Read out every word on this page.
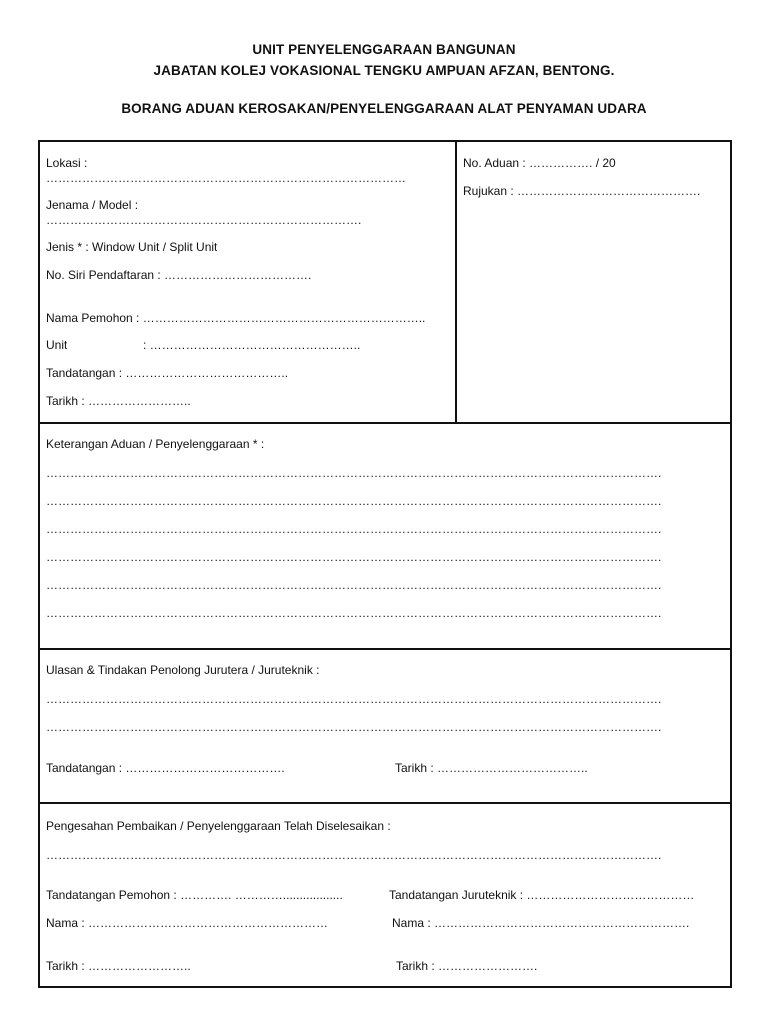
UNIT PENYELENGGARAAN BANGUNAN
JABATAN KOLEJ VOKASIONAL TENGKU AMPUAN AFZAN, BENTONG.
BORANG ADUAN KEROSAKAN/PENYELENGGARAAN ALAT PENYAMAN UDARA
Lokasi :
………………………………………………………………………………
Jenama / Model :
…………………………………………………………………….
Jenis * : Window Unit / Split Unit
No. Siri Pendaftaran : ……………………………….
Nama Pemohon : ……………………………………………………………..
Unit	: ……………………………………………..
Tandatangan : …………………………………..
Tarikh : ……………………..
No. Aduan : ……………. / 20
Rujukan : ……………………………………….
Keterangan Aduan / Penyelenggaraan * :
……………………………………………………………………………………………………………………………………….
……………………………………………………………………………………………………………………………………….
……………………………………………………………………………………………………………………………………….
……………………………………………………………………………………………………………………………………….
……………………………………………………………………………………………………………………………………….
……………………………………………………………………………………………………………………………………….
Ulasan & Tindakan Penolong Jurutera / Juruteknik :
……………………………………………………………………………………………………………………………………….
……………………………………………………………………………………………………………………………………….
Tandatangan : ………………………………….	Tarikh : ………………………………..
Pengesahan Pembaikan / Penyelenggaraan Telah Diselesaikan :
……………………………………………………………………………………………………………………………………….
Tandatangan Pemohon : …………. …………..................	Tandatangan Juruteknik : ……………………………………
Nama : ……………………………………………………	Nama : ……………………………………………………….
Tarikh : ……………………..	Tarikh : …………………….
